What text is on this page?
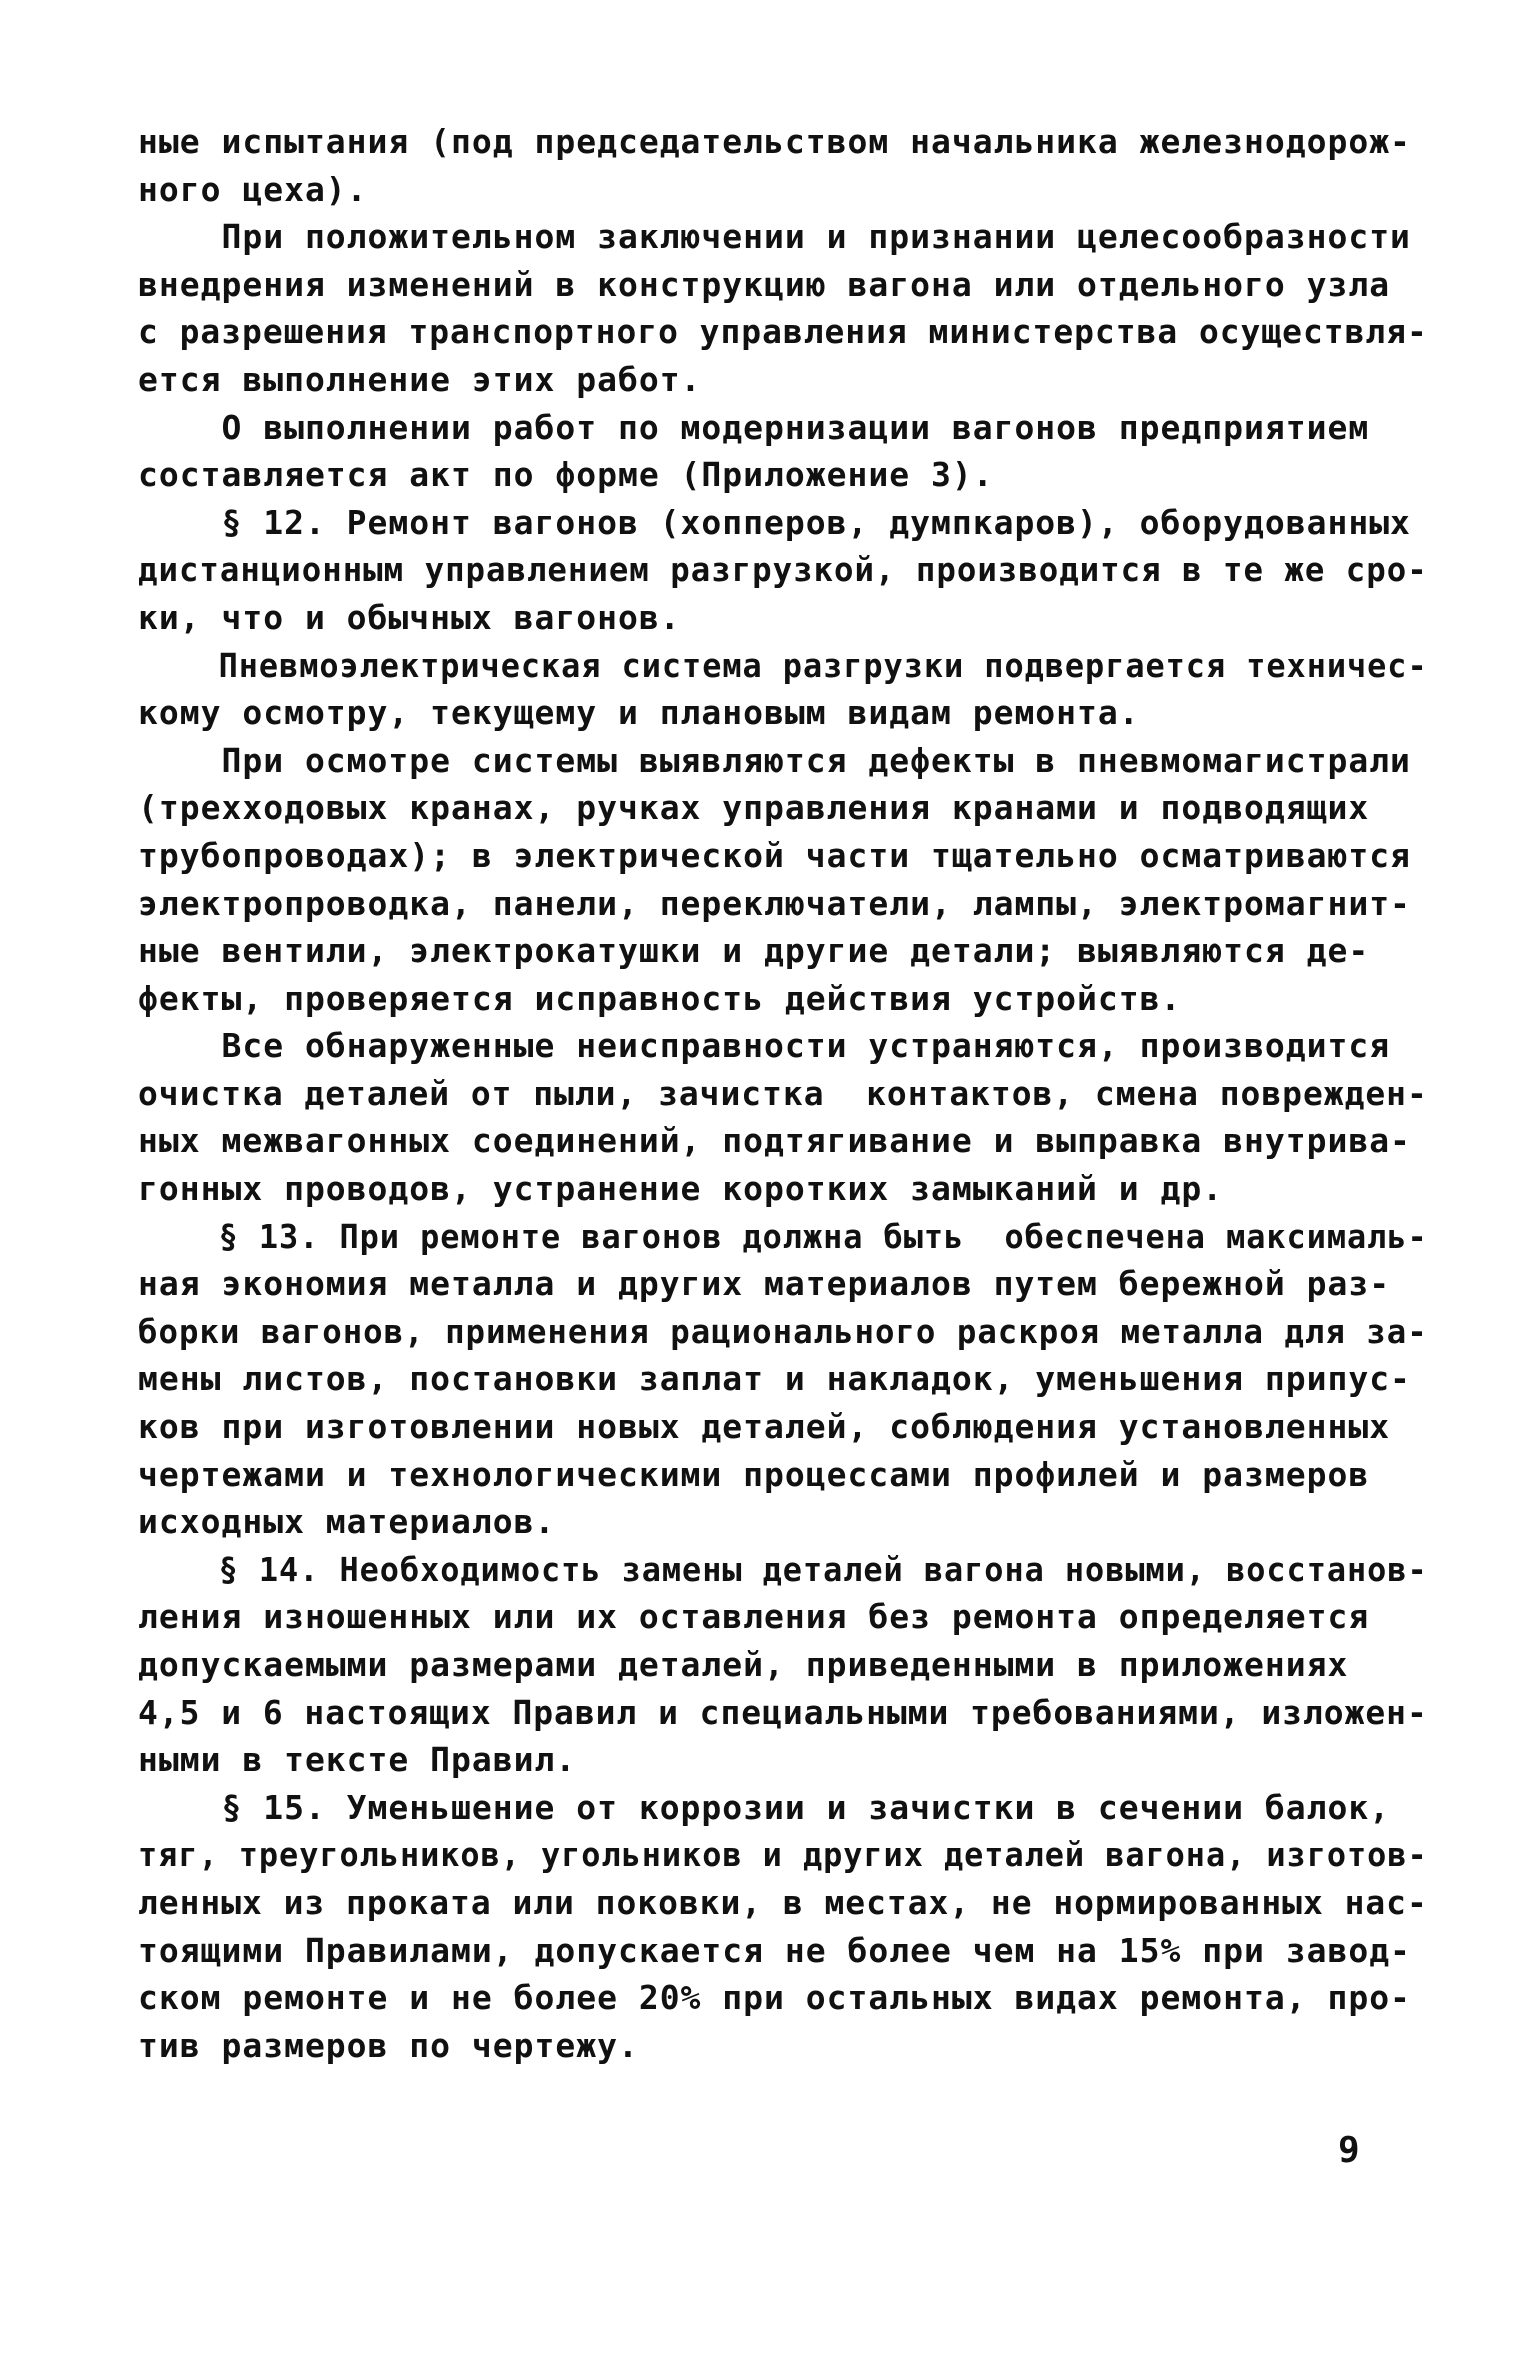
ные испытания (под председательством начальника железнодорож-
ного цеха).
При положительном заключении и признании целесообразности
внедрения изменений в конструкцию вагона или отдельного узла
с разрешения транспортного управления министерства осуществля-
ется выполнение этих работ.
О выполнении работ по модернизации вагонов предприятием
составляется акт по форме (Приложение 3).
§ 12. Ремонт вагонов (хопперов, думпкаров), оборудованных
дистанционным управлением разгрузкой, производится в те же сро-
ки, что и обычных вагонов.
Пневмоэлектрическая система разгрузки подвергается техничес-
кому осмотру, текущему и плановым видам ремонта.
При осмотре системы выявляются дефекты в пневмомагистрали
(трехходовых кранах, ручках управления кранами и подводящих
трубопроводах); в электрической части тщательно осматриваются
электропроводка, панели, переключатели, лампы, электромагнит-
ные вентили, электрокатушки и другие детали; выявляются де-
фекты, проверяется исправность действия устройств.
Все обнаруженные неисправности устраняются, производится
очистка деталей от пыли, зачистка  контактов, смена поврежден-
ных межвагонных соединений, подтягивание и выправка внутрива-
гонных проводов, устранение коротких замыканий и др.
§ 13. При ремонте вагонов должна быть  обеспечена максималь-
ная экономия металла и других материалов путем бережной раз-
борки вагонов, применения рационального раскроя металла для за-
мены листов, постановки заплат и накладок, уменьшения припус-
ков при изготовлении новых деталей, соблюдения установленных
чертежами и технологическими процессами профилей и размеров
исходных материалов.
§ 14. Необходимость замены деталей вагона новыми, восстанов-
ления изношенных или их оставления без ремонта определяется
допускаемыми размерами деталей, приведенными в приложениях
4,5 и 6 настоящих Правил и специальными требованиями, изложен-
ными в тексте Правил.
§ 15. Уменьшение от коррозии и зачистки в сечении балок,
тяг, треугольников, угольников и других деталей вагона, изготов-
ленных из проката или поковки, в местах, не нормированных нас-
тоящими Правилами, допускается не более чем на 15% при завод-
ском ремонте и не более 20% при остальных видах ремонта, про-
тив размеров по чертежу.
9
